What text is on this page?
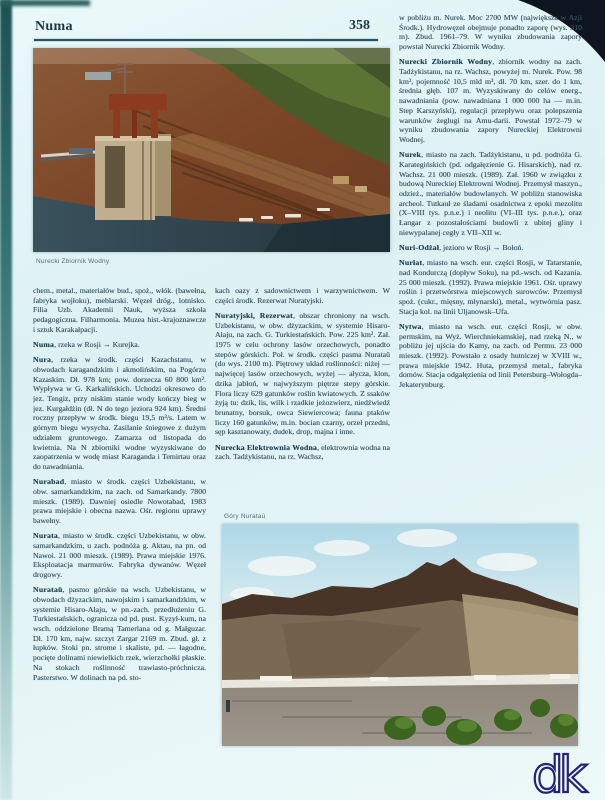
Numa	358
Nurecki Zbiornik Wodny

chem., metal., materiałów bud., spoż., włók. (bawełna, fabryka wojłoku), meblarski. Węzeł dróg., lotnisko. Filia Uzb. Akademii Nauk, wyższa szkoła pedagogiczna. Filharmonia. Muzea hist.-krajoznawcze i sztuk Karakałpacji.

Numa, rzeka w Rosji → Kurejka.

Nura, rzeka w środk. części Kazachstanu, w obwodach karagandzkim i akmolińskim, na Pogórzu Kazaskim. Dł. 978 km; pow. dorzecza 60 800 km². Wypływa w G. Karkalińskich. Uchodzi okresowo do jez. Tengiz, przy niskim stanie wody kończy bieg w jez. Kurgałdżin (dł. N do tego jeziora 924 km). Średni roczny przepływ w środk. biegu 19,5 m³/s. Latem w górnym biegu wysycha. Zasilanie śniegowe z dużym udziałem gruntowego. Zamarza od listopada do kwietnia. Na N zbiorniki wodne wyzyskiwane do zaopatrzenia w wodę miast Karaganda i Temirtau oraz do nawadniania.

Nurabad, miasto w środk. części Uzbekistanu, w obw. samarkandzkim, na zach. od Samarkandy. 7800 mieszk. (1989). Dawniej osiedle Nowotabad, 1983 prawa miejskie i obecna nazwa. Ośr. regionu uprawy bawełny.

Nurata, miasto w środk. części Uzbekistanu, w obw. samarkandzkim, u zach. podnóża g. Aktau, na pn. od Nawoi. 21 000 mieszk. (1989). Prawa miejskie 1976. Eksploatacja marmurów. Fabryka dywanów. Węzeł drogowy.

Nurataū, pasmo górskie na wsch. Uzbekistanu, w obwodach dżyzackim, nawojskim i samarkandzkim, w systemie Hisaro-Ałaju, w pn.-zach. przedłużeniu G. Turkiestańskich, ogranicza od pd. pust. Kyzył-kum, na wsch. oddzielone Bramą Tamerlana od g. Małguzar. Dł. 170 km, najw. szczyt Zargar 2169 m. Zbud. gł. z łupków. Stoki pn. strome i skaliste, pd. — łagodne, pocięte dolinami niewielkich rzek, wierzchołki płaskie. Na stokach roślinność trawiasto-próchnicza. Pasterstwo. W dolinach na pd. sto-

kach oazy z sadownictwem i warzywnictwem. W części środk. Rezerwat Nuratyjski.

Nuratyjski, Rezerwat, obszar chroniony na wsch. Uzbekistanu, w obw. dżyzackim, w systemie Hisaro-Ałaju, na zach. G. Turkiestańskich. Pow. 225 km². Zał. 1975 w celu ochrony lasów orzechowych, ponadto stepów górskich. Poł. w środk. części pasma Nurataū (do wys. 2100 m). Piętrowy układ roślinności: niżej — najwięcej lasów orzechowych, wyżej — ałycza, klon, dzika jabłoń, w najwyższym piętrze stepy górskie. Flora liczy 629 gatunków roślin kwiatowych. Z ssaków żyją tu: dzik, lis, wilk i rzadkie jeżozwierz, niedźwiedź brunatny, borsuk, owca Siewiercowa; fauna ptaków liczy 160 gatunków, m.in. bocian czarny, orzeł przedni, sęp kasztanowaty, dudek, drop, majna i inne.

Nurecka Elektrownia Wodna, elektrownia wodna na zach. Tadżykistanu, na rz. Wachsz,

w pobliżu m. Nurek. Moc 2700 MW (największa w Azji Środk.). Hydrowęzeł obejmuje ponadto zaporę (wys. 310 m). Zbud. 1961–79. W wyniku zbudowania zapory powstał Nurecki Zbiornik Wodny.

Nurecki Zbiornik Wodny, zbiornik wodny na zach. Tadżykistanu, na rz. Wachsz, powyżej m. Nurek. Pow. 98 km², pojemność 10,5 mld m³, dł. 70 km, szer. do 1 km, średnia głęb. 107 m. Wyzyskiwany do celów energ., nawadniania (pow. nawadniana 1 000 000 ha — m.in. Step Karszyński), regulacji przepływu oraz polepszenia warunków żeglugi na Amu-darii. Powstał 1972–79 w wyniku zbudowania zapory Nureckiej Elektrowni Wodnej.

Nurek, miasto na zach. Tadżykistanu, u pd. podnóża G. Karategińskich (pd. odgałęzienie G. Hisarskich), nad rz. Wachsz. 21 000 mieszk. (1989). Zał. 1960 w związku z budową Nureckiej Elektrowni Wodnej. Przemysł maszyn., odzież., materiałów budowlanych. W pobliżu stanowiska archeol. Tutkauł ze śladami osadnictwa z epoki mezolitu (X–VIII tys. p.n.e.) i neolitu (VI–III tys. p.n.e.), oraz Łangar z pozostałościami budowli z ubitej gliny i niewypalanej cegły z VII–XII w.

Nuri-Odżał, jezioro w Rosji → Bołoń.

Nurłat, miasto na wsch. eur. części Rosji, w Tatarstanie, nad Kondurczą (dopływ Soku), na pd.-wsch. od Kazania. 25 000 mieszk. (1992). Prawa miejskie 1961. Ośr. uprawy roślin i przetwórstwa miejscowych surowców. Przemysł spoż. (cukr., mięsny, młynarski), metal., wytwórnia pasz. Stacja kol. na linii Uljanowsk–Ufa.

Nytwa, miasto na wsch. eur. części Rosji, w obw. permskim, na Wyż. Wierchniekamskiej, nad rzeką N., w pobliżu jej ujścia do Kamy, na zach. od Permu. 23 000 mieszk. (1992). Powstało z osady hutniczej w XVIII w., prawa miejskie 1942. Huta, przemysł metal., fabryka domów. Stacja odgałęzienia od linii Petersburg–Wołogda–Jekaterynburg.

Góry Nurataū
dk
